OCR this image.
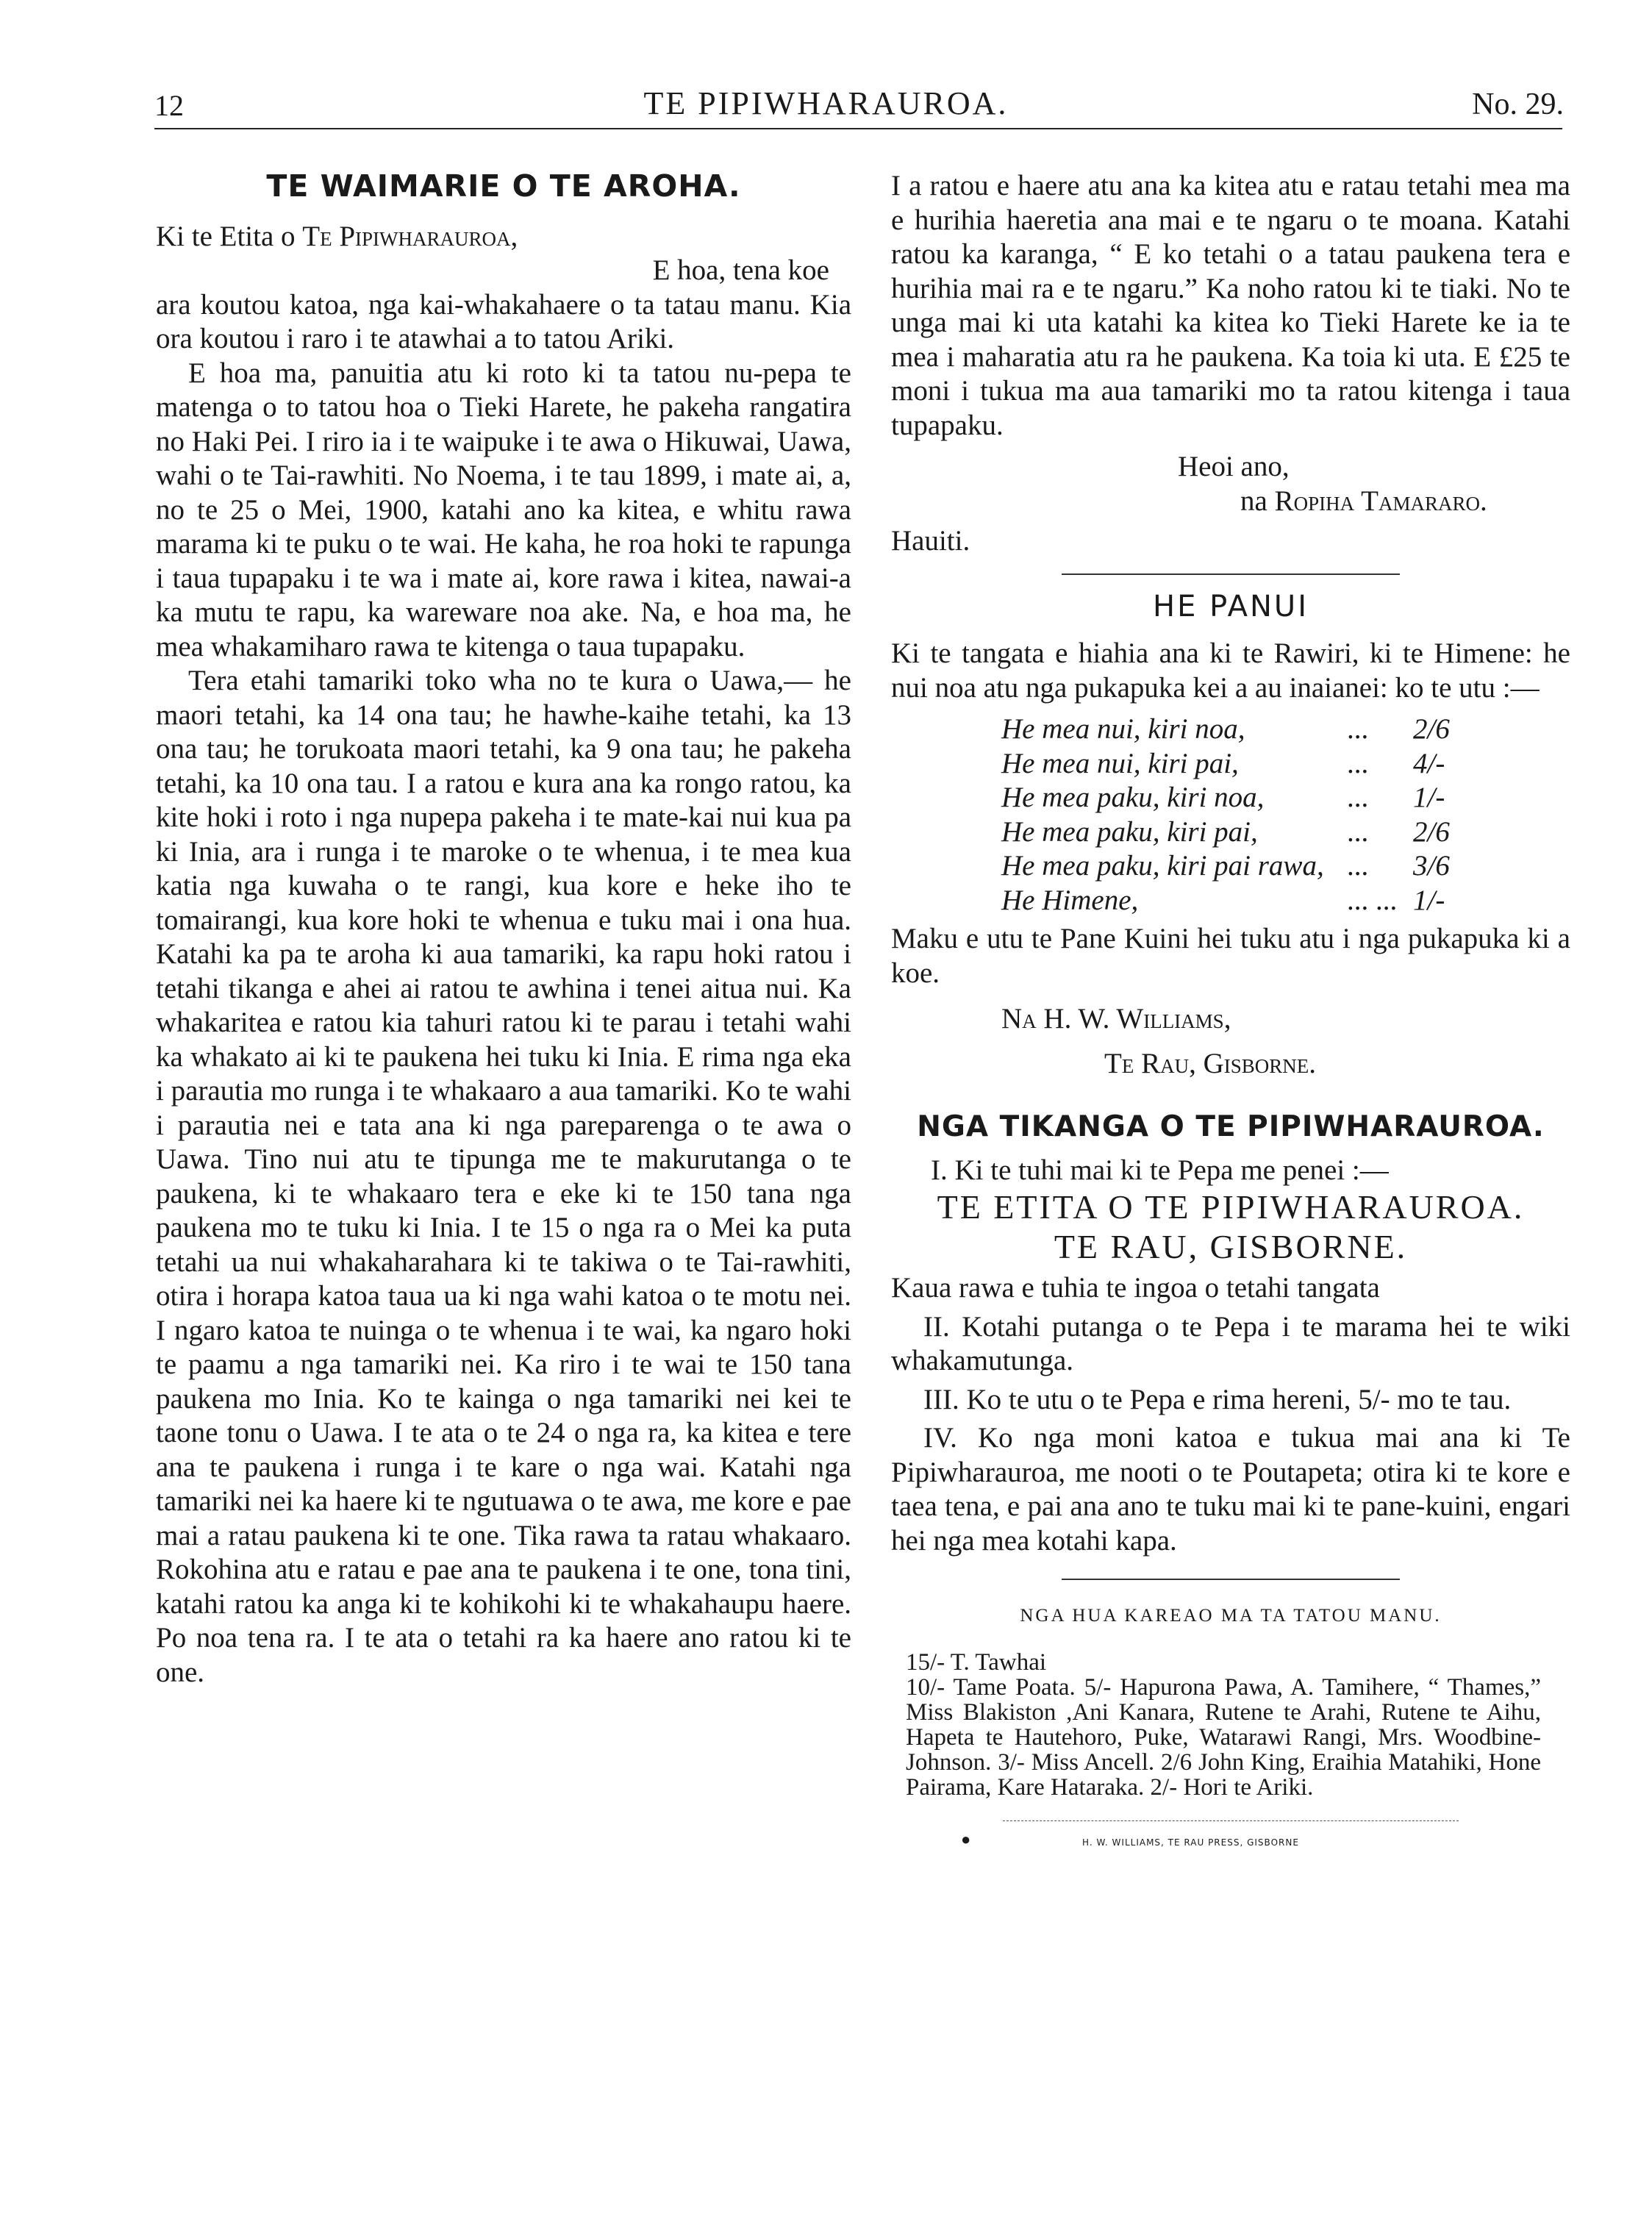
12	TE PIPIWHARAUROA.	No. 29.
TE WAIMARIE O TE AROHA.

Ki te Etita o Te Pipiwharauroa,

E hoa, tena koe

ara koutou katoa, nga kai-whakahaere o ta tatau manu. Kia ora koutou i raro i te atawhai a to tatou Ariki.

E hoa ma, panuitia atu ki roto ki ta tatou nu-pepa te matenga o to tatou hoa o Tieki Harete, he pakeha rangatira no Haki Pei. I riro ia i te waipuke i te awa o Hikuwai, Uawa, wahi o te Tai-rawhiti. No Noema, i te tau 1899, i mate ai, a, no te 25 o Mei, 1900, katahi ano ka kitea, e whitu rawa marama ki te puku o te wai. He kaha, he roa hoki te rapunga i taua tupapaku i te wa i mate ai, kore rawa i kitea, nawai-a ka mutu te rapu, ka wareware noa ake. Na, e hoa ma, he mea whakamiharo rawa te kitenga o taua tupapaku.

Tera etahi tamariki toko wha no te kura o Uawa,— he maori tetahi, ka 14 ona tau; he hawhe-kaihe tetahi, ka 13 ona tau; he torukoata maori tetahi, ka 9 ona tau; he pakeha tetahi, ka 10 ona tau. I a ratou e kura ana ka rongo ratou, ka kite hoki i roto i nga nupepa pakeha i te mate-kai nui kua pa ki Inia, ara i runga i te maroke o te whenua, i te mea kua katia nga kuwaha o te rangi, kua kore e heke iho te tomairangi, kua kore hoki te whenua e tuku mai i ona hua. Katahi ka pa te aroha ki aua tamariki, ka rapu hoki ratou i tetahi tikanga e ahei ai ratou te awhina i tenei aitua nui. Ka whakaritea e ratou kia tahuri ratou ki te parau i tetahi wahi ka whakato ai ki te paukena hei tuku ki Inia. E rima nga eka i parautia mo runga i te whakaaro a aua tamariki. Ko te wahi i parautia nei e tata ana ki nga pareparenga o te awa o Uawa. Tino nui atu te tipunga me te makurutanga o te paukena, ki te whakaaro tera e eke ki te 150 tana nga paukena mo te tuku ki Inia. I te 15 o nga ra o Mei ka puta tetahi ua nui whakaharahara ki te takiwa o te Tai-rawhiti, otira i horapa katoa taua ua ki nga wahi katoa o te motu nei. I ngaro katoa te nuinga o te whenua i te wai, ka ngaro hoki te paamu a nga tamariki nei. Ka riro i te wai te 150 tana paukena mo Inia. Ko te kainga o nga tamariki nei kei te taone tonu o Uawa. I te ata o te 24 o nga ra, ka kitea e tere ana te paukena i runga i te kare o nga wai. Katahi nga tamariki nei ka haere ki te ngutuawa o te awa, me kore e pae mai a ratau paukena ki te one. Tika rawa ta ratau whakaaro. Rokohina atu e ratau e pae ana te paukena i te one, tona tini, katahi ratou ka anga ki te kohikohi ki te whakahaupu haere. Po noa tena ra. I te ata o tetahi ra ka haere ano ratou ki te one.

I a ratou e haere atu ana ka kitea atu e ratau tetahi mea ma e hurihia haeretia ana mai e te ngaru o te moana. Katahi ratou ka karanga, “ E ko tetahi o a tatau paukena tera e hurihia mai ra e te ngaru.” Ka noho ratou ki te tiaki. No te unga mai ki uta katahi ka kitea ko Tieki Harete ke ia te mea i maharatia atu ra he paukena. Ka toia ki uta. E £25 te moni i tukua ma aua tamariki mo ta ratou kitenga i taua tupapaku.

Heoi ano,

na Ropiha Tamararo.

Hauiti.

HE PANUI

Ki te tangata e hiahia ana ki te Rawiri, ki te Himene: he nui noa atu nga pukapuka kei a au inaianei: ko te utu :—

He mea nui, kiri noa,	...	2/6
He mea nui, kiri pai,	...	4/-
He mea paku, kiri noa,	...	1/-
He mea paku, kiri pai,	...	2/6
He mea paku, kiri pai rawa, ...	3/6
He Himene,	... ... 1/-

Maku e utu te Pane Kuini hei tuku atu i nga pukapuka ki a koe.

Na H. W. Williams,

Te Rau, Gisborne.

NGA TIKANGA O TE PIPIWHARAUROA.

I. Ki te tuhi mai ki te Pepa me penei :—

TE ETITA O TE PIPIWHARAUROA.
TE RAU, GISBORNE.

Kaua rawa e tuhia te ingoa o tetahi tangata

II. Kotahi putanga o te Pepa i te marama hei te wiki whakamutunga.

III. Ko te utu o te Pepa e rima hereni, 5/- mo te tau.

IV. Ko nga moni katoa e tukua mai ana ki Te Pipiwharauroa, me nooti o te Poutapeta; otira ki te kore e taea tena, e pai ana ano te tuku mai ki te pane-kuini, engari hei nga mea kotahi kapa.

NGA HUA KAREAO MA TA TATOU MANU.
15/- T. Tawhai
10/- Tame Poata. 5/- Hapurona Pawa, A. Tamihere, “ Thames,” Miss Blakiston ,Ani Kanara, Rutene te Arahi, Rutene te Aihu, Hapeta te Hautehoro, Puke, Watarawi Rangi, Mrs. Woodbine-Johnson. 3/- Miss Ancell. 2/6 John King, Eraihia Matahiki, Hone Pairama, Kare Hataraka. 2/- Hori te Ariki.
●	H. W. WILLIAMS, TE RAU PRESS, GISBORNE
